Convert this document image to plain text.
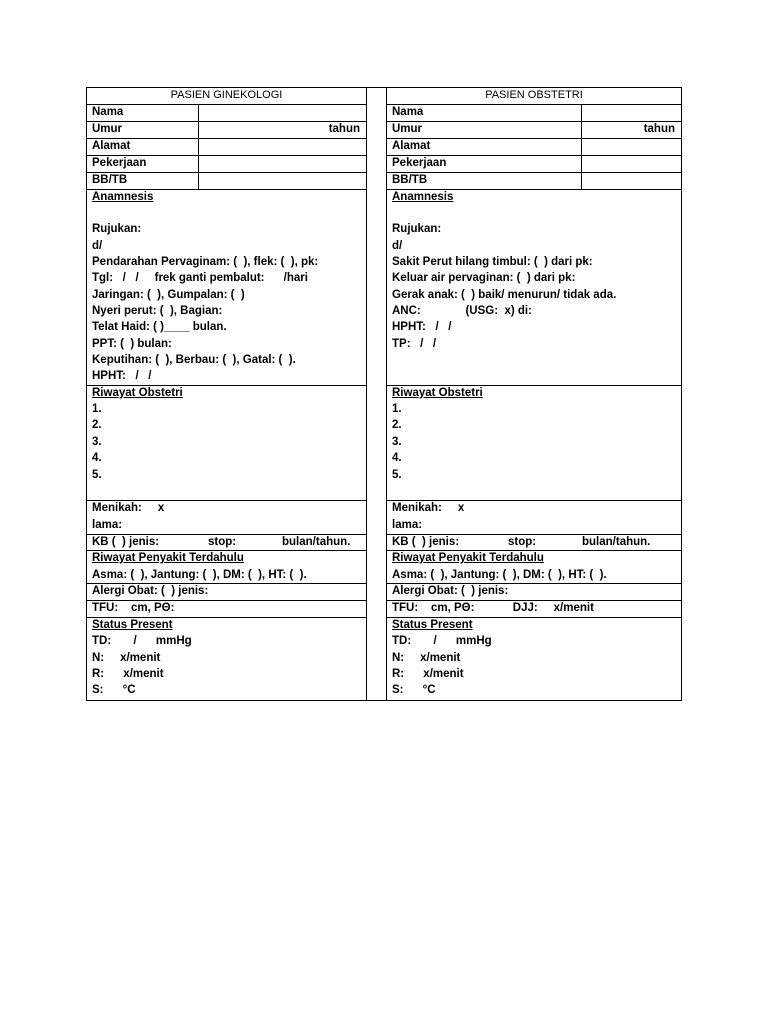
PASIEN GINEKOLOGI
Nama
Umur	tahun
Alamat
Pekerjaan
BB/TB
Anamnesis
Rujukan:
d/
Pendarahan Pervaginam: (  ), flek: (  ), pk:
Tgl:   /   /     frek ganti pembalut:      /hari
Jaringan: (  ), Gumpalan: (  )
Nyeri perut: (  ), Bagian:
Telat Haid: ( )____ bulan.
PPT: (  ) bulan:
Keputihan: (  ), Berbau: (  ), Gatal: (  ).
HPHT:   /   /
Riwayat Obstetri
1.
2.
3.
4.
5.
Menikah:     x
lama:
KB (  ) jenis:	stop:	bulan/tahun.
Riwayat Penyakit Terdahulu
Asma: (  ), Jantung: (  ), DM: (  ), HT: (  ).
Alergi Obat: (  ) jenis:
TFU:    cm, PΘ:
Status Present
TD:       /      mmHg
N:     x/menit
R:      x/menit
S:      °C
PASIEN OBSTETRI
Nama
Umur	tahun
Alamat
Pekerjaan
BB/TB
Anamnesis
Rujukan:
d/
Sakit Perut hilang timbul: (  ) dari pk:
Keluar air pervaginan: (  ) dari pk:
Gerak anak: (  ) baik/ menurun/ tidak ada.
ANC:              (USG:  x) di:
HPHT:   /   /
TP:   /   /
Riwayat Obstetri
1.
2.
3.
4.
5.
Menikah:     x
lama:
KB (  ) jenis:	stop:	bulan/tahun.
Riwayat Penyakit Terdahulu
Asma: (  ), Jantung: (  ), DM: (  ), HT: (  ).
Alergi Obat: (  ) jenis:
TFU:    cm, PΘ:            DJJ:     x/menit
Status Present
TD:       /      mmHg
N:     x/menit
R:      x/menit
S:      °C
